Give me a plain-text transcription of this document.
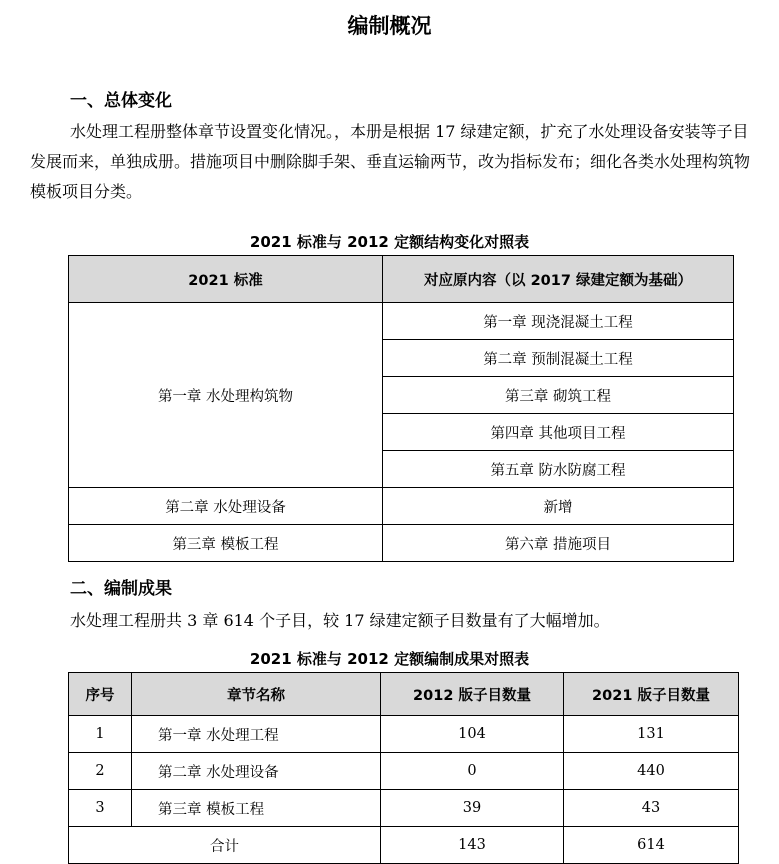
编制概况
一、总体变化

水处理工程册整体章节设置变化情况。，本册是根据 17 绿建定额，扩充了水处理设备安装等子目发展而来，单独成册。措施项目中删除脚手架、垂直运输两节，改为指标发布；细化各类水处理构筑物模板项目分类。

2021 标准与 2012 定额结构变化对照表
2021 标准	对应原内容（以 2017 绿建定额为基础）
第一章 水处理构筑物	第一章 现浇混凝土工程
	第二章 预制混凝土工程
	第三章 砌筑工程
	第四章 其他项目工程
	第五章 防水防腐工程
第二章 水处理设备	新增
第三章 模板工程	第六章 措施项目
二、编制成果

水处理工程册共 3 章 614 个子目，较 17 绿建定额子目数量有了大幅增加。

2021 标准与 2012 定额编制成果对照表
序号	章节名称	2012 版子目数量	2021 版子目数量
1	第一章 水处理工程	104	131
2	第二章 水处理设备	0	440
3	第三章 模板工程	39	43
合计		143	614
